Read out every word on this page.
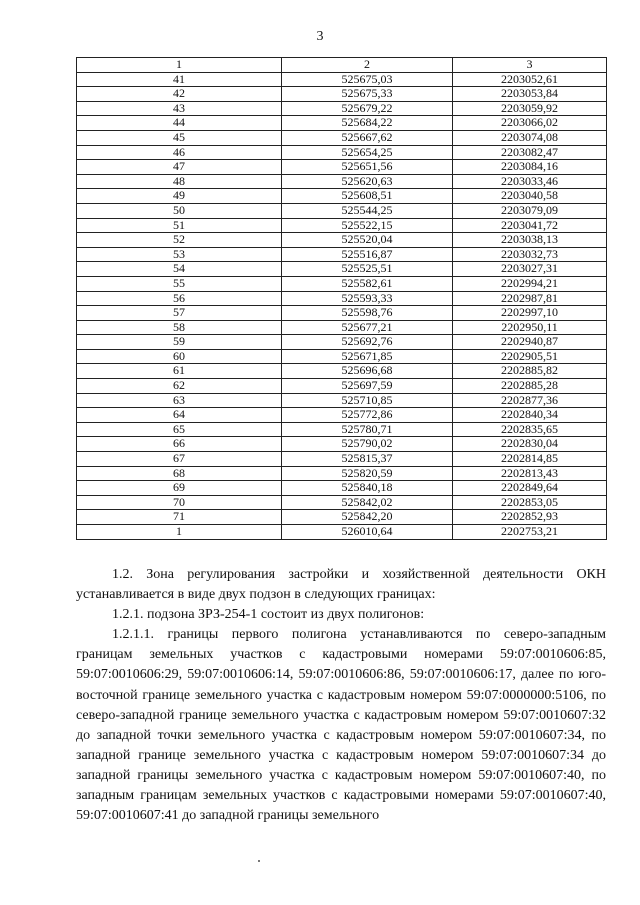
3
1	2	3
41	525675,03	2203052,61
42	525675,33	2203053,84
43	525679,22	2203059,92
44	525684,22	2203066,02
45	525667,62	2203074,08
46	525654,25	2203082,47
47	525651,56	2203084,16
48	525620,63	2203033,46
49	525608,51	2203040,58
50	525544,25	2203079,09
51	525522,15	2203041,72
52	525520,04	2203038,13
53	525516,87	2203032,73
54	525525,51	2203027,31
55	525582,61	2202994,21
56	525593,33	2202987,81
57	525598,76	2202997,10
58	525677,21	2202950,11
59	525692,76	2202940,87
60	525671,85	2202905,51
61	525696,68	2202885,82
62	525697,59	2202885,28
63	525710,85	2202877,36
64	525772,86	2202840,34
65	525780,71	2202835,65
66	525790,02	2202830,04
67	525815,37	2202814,85
68	525820,59	2202813,43
69	525840,18	2202849,64
70	525842,02	2202853,05
71	525842,20	2202852,93
1	526010,64	2202753,21

1.2. Зона регулирования застройки и хозяйственной деятельности ОКН устанавливается в виде двух подзон в следующих границах:

1.2.1. подзона ЗРЗ-254-1 состоит из двух полигонов:

1.2.1.1. границы первого полигона устанавливаются по северо-западным границам земельных участков с кадастровыми номерами 59:07:0010606:85, 59:07:0010606:29, 59:07:0010606:14, 59:07:0010606:86, 59:07:0010606:17, далее по юго-восточной границе земельного участка с кадастровым номером 59:07:0000000:5106, по северо-западной границе земельного участка с кадастровым номером 59:07:0010607:32 до западной точки земельного участка с кадастровым номером 59:07:0010607:34, по западной границе земельного участка с кадастровым номером 59:07:0010607:34 до западной границы земельного участка с кадастровым номером 59:07:0010607:40, по западным границам земельных участков с кадастровыми номерами 59:07:0010607:40, 59:07:0010607:41 до западной границы земельного
